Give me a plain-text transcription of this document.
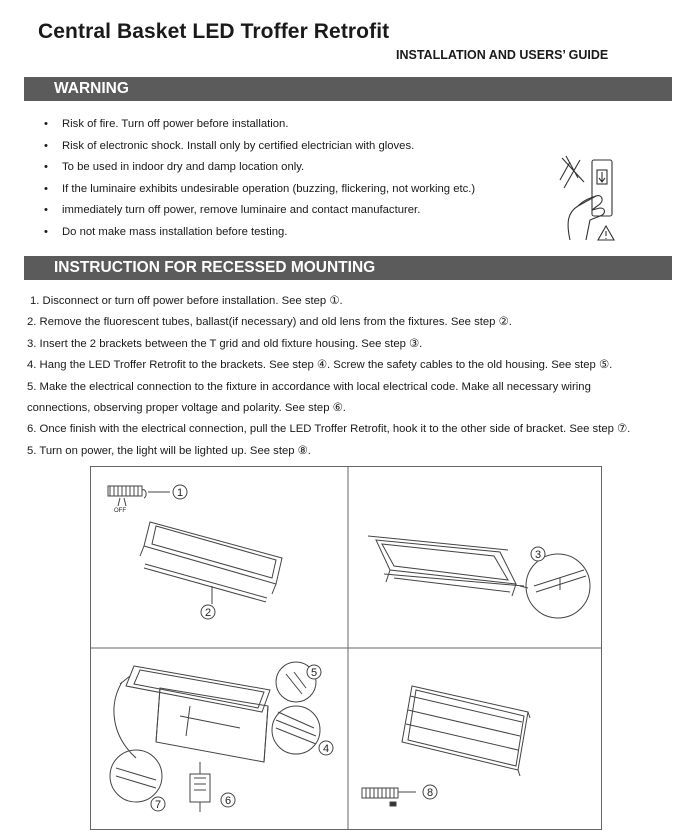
Central Basket LED Troffer Retrofit
INSTALLATION AND USERS’ GUIDE
WARNING
• Risk of fire. Turn off power before installation.
• Risk of electronic shock. Install only by certified electrician with gloves.
• To be used in indoor dry and damp location only.
• If the luminaire exhibits undesirable operation (buzzing, flickering, not working etc.)
• immediately turn off power, remove luminaire and contact manufacturer.
• Do not make mass installation before testing.
INSTRUCTION FOR RECESSED MOUNTING
1. Disconnect or turn off power before installation. See step ①.
2. Remove the fluorescent tubes, ballast(if necessary) and old lens from the fixtures. See step ②.
3. Insert the 2 brackets between the T grid and old fixture housing. See step ③.
4. Hang the LED Troffer Retrofit to the brackets. See step ④. Screw the safety cables to the old housing. See step ⑤.
5. Make the electrical connection to the fixture in accordance with local electrical code. Make all necessary wiring
connections, observing proper voltage and polarity. See step ⑥.
6. Once finish with the electrical connection, pull the LED Troffer Retrofit, hook it to the other side of bracket. See step ⑦.
5. Turn on power, the light will be lighted up. See step ⑧.
1
2
3
4
5
6
7
8
OFF
